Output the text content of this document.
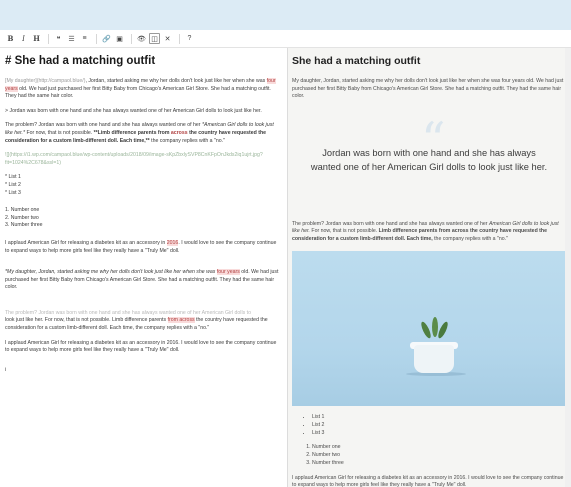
B	I	H	❝	☰	≡	🔗 ▣	👁 ◫ ✕	?
# She had a matching outfit

[My daughter](http://campaol.blue/), Jordan, started asking me why her dolls don't look just like her when she was four years old. We had just purchased her first Bitty Baby from Chicago's American Girl Store. She had a matching outfit. They had the same hair color.

> Jordan was born with one hand and she has always wanted one of her American Girl dolls to look just like her.

The problem? Jordan was born with one hand and she has always wanted one of her *American Girl dolls to look just like her.* For now, that is not possible. **Limb difference parents from across the country have requested the consideration for a custom limb-different doll. Each time,** the company replies with a "no."

![](https://i1.wp.com/campaol.blue/wp-content/uploads/2018/09/image-sKpZbxlySVP8CnKFpOnJkds2iq1ujrt.jpg?fit=1024%2C678&ssl=1)

* List 1
* List 2
* List 3

1. Number one
2. Number two
3. Number three

I applaud American Girl for releasing a diabetes kit as an accessory in 2016. I would love to see the company continue to expand ways to help more girls feel like they really have a "Truly Me" doll.

*My daughter, Jordan, started asking me why her dolls don't look just like her when she was four years old. We had just purchased her first Bitty Baby from Chicago's American Girl Store. She had a matching outfit. They had the same hair color.

The problem? Jordan was born with one hand and she has always wanted one of her American Girl dolls to
look just like her. For now, that is not possible. Limb difference parents from across the country have requested the consideration for a custom limb-different doll. Each time, the company replies with a "no."

I applaud American Girl for releasing a diabetes kit as an accessory in 2016. I would love to see the company continue to expand ways to help more girls feel like they really have a "Truly Me" doll.

i

She had a matching outfit

My daughter, Jordan, started asking me why her dolls don't look just like her when she was four years old. We had just purchased her first Bitty Baby from Chicago's American Girl Store. She had a matching outfit. They had the same hair color.

“
Jordan was born with one hand and she has always wanted one of her American Girl dolls to look just like her.

The problem? Jordan was born with one hand and she has always wanted one of her American Girl dolls to look just like her. For now, that is not possible. Limb difference parents from across the country have requested the consideration for a custom limb-different doll. Each time, the company replies with a "no."

• List 1
• List 2
• List 3
1. Number one
2. Number two
3. Number three

I applaud American Girl for releasing a diabetes kit as an accessory in 2016. I would love to see the company continue to expand ways to help more girls feel like they really have a "Truly Me" doll.
